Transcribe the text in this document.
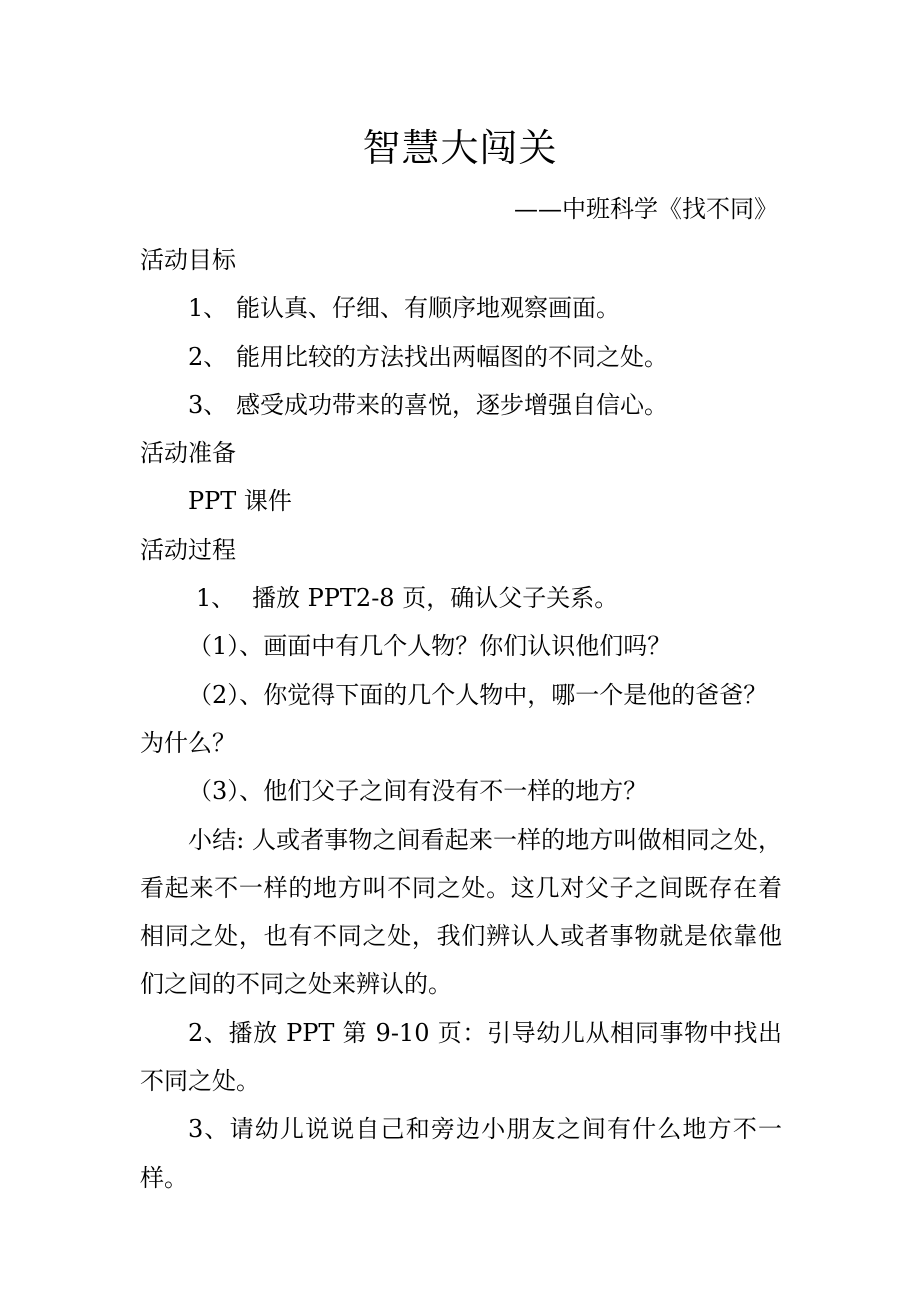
智慧大闯关

——中班科学《找不同》

活动目标

1、 能认真、仔细、有顺序地观察画面。

2、 能用比较的方法找出两幅图的不同之处。

3、 感受成功带来的喜悦，逐步增强自信心。

活动准备

PPT 课件

活动过程

1、 播放 PPT2-8 页，确认父子关系。

（1）、画面中有几个人物？你们认识他们吗？

（2）、你觉得下面的几个人物中，哪一个是他的爸爸？为什么？

（3）、他们父子之间有没有不一样的地方？

小结: 人或者事物之间看起来一样的地方叫做相同之处，看起来不一样的地方叫不同之处。这几对父子之间既存在着相同之处，也有不同之处，我们辨认人或者事物就是依靠他们之间的不同之处来辨认的。

2、播放 PPT 第 9-10 页：引导幼儿从相同事物中找出不同之处。

3、请幼儿说说自己和旁边小朋友之间有什么地方不一样。
